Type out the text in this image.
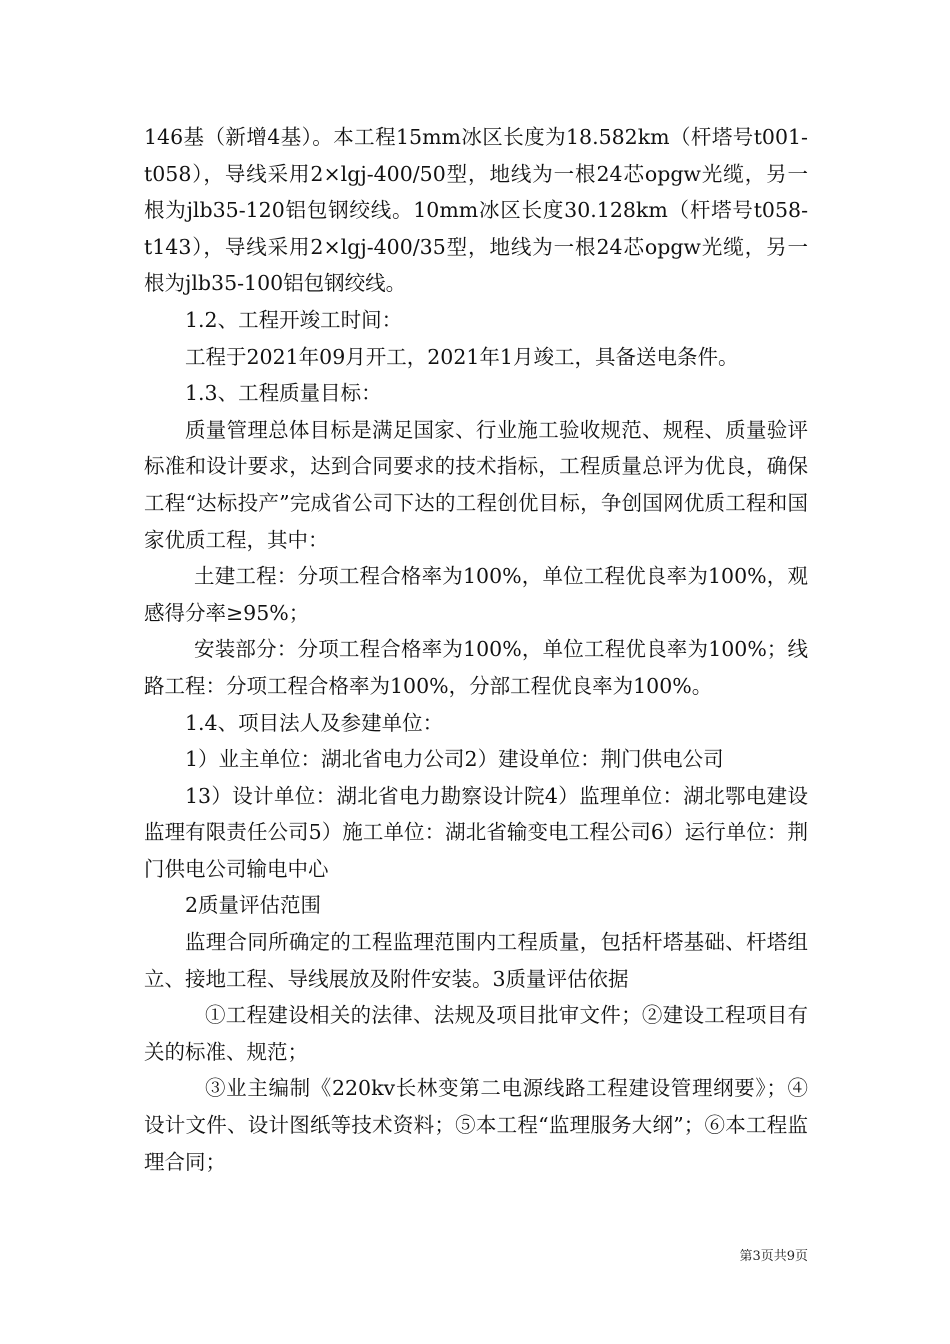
146基（新增4基）。本工程15mm冰区长度为18.582km（杆塔号t001-t058），导线采用2×lgj-400/50型，地线为一根24芯opgw光缆，另一根为jlb35-120铝包钢绞线。10mm冰区长度30.128km（杆塔号t058-t143），导线采用2×lgj-400/35型，地线为一根24芯opgw光缆，另一根为jlb35-100铝包钢绞线。

1.2、工程开竣工时间：

工程于2021年09月开工，2021年1月竣工，具备送电条件。

1.3、工程质量目标：

质量管理总体目标是满足国家、行业施工验收规范、规程、质量验评标准和设计要求，达到合同要求的技术指标，工程质量总评为优良，确保工程“达标投产”完成省公司下达的工程创优目标，争创国网优质工程和国家优质工程，其中：

土建工程：分项工程合格率为100%，单位工程优良率为100%，观感得分率≥95%；

安装部分：分项工程合格率为100%，单位工程优良率为100%；线路工程：分项工程合格率为100%，分部工程优良率为100%。

1.4、项目法人及参建单位：

1）业主单位：湖北省电力公司2）建设单位：荆门供电公司

13）设计单位：湖北省电力勘察设计院4）监理单位：湖北鄂电建设监理有限责任公司5）施工单位：湖北省输变电工程公司6）运行单位：荆门供电公司输电中心

2质量评估范围

监理合同所确定的工程监理范围内工程质量，包括杆塔基础、杆塔组立、接地工程、导线展放及附件安装。3质量评估依据

①工程建设相关的法律、法规及项目批审文件；②建设工程项目有关的标准、规范；

③业主编制《220kv长林变第二电源线路工程建设管理纲要》；④设计文件、设计图纸等技术资料；⑤本工程“监理服务大纲”；⑥本工程监理合同；

第3页共9页
